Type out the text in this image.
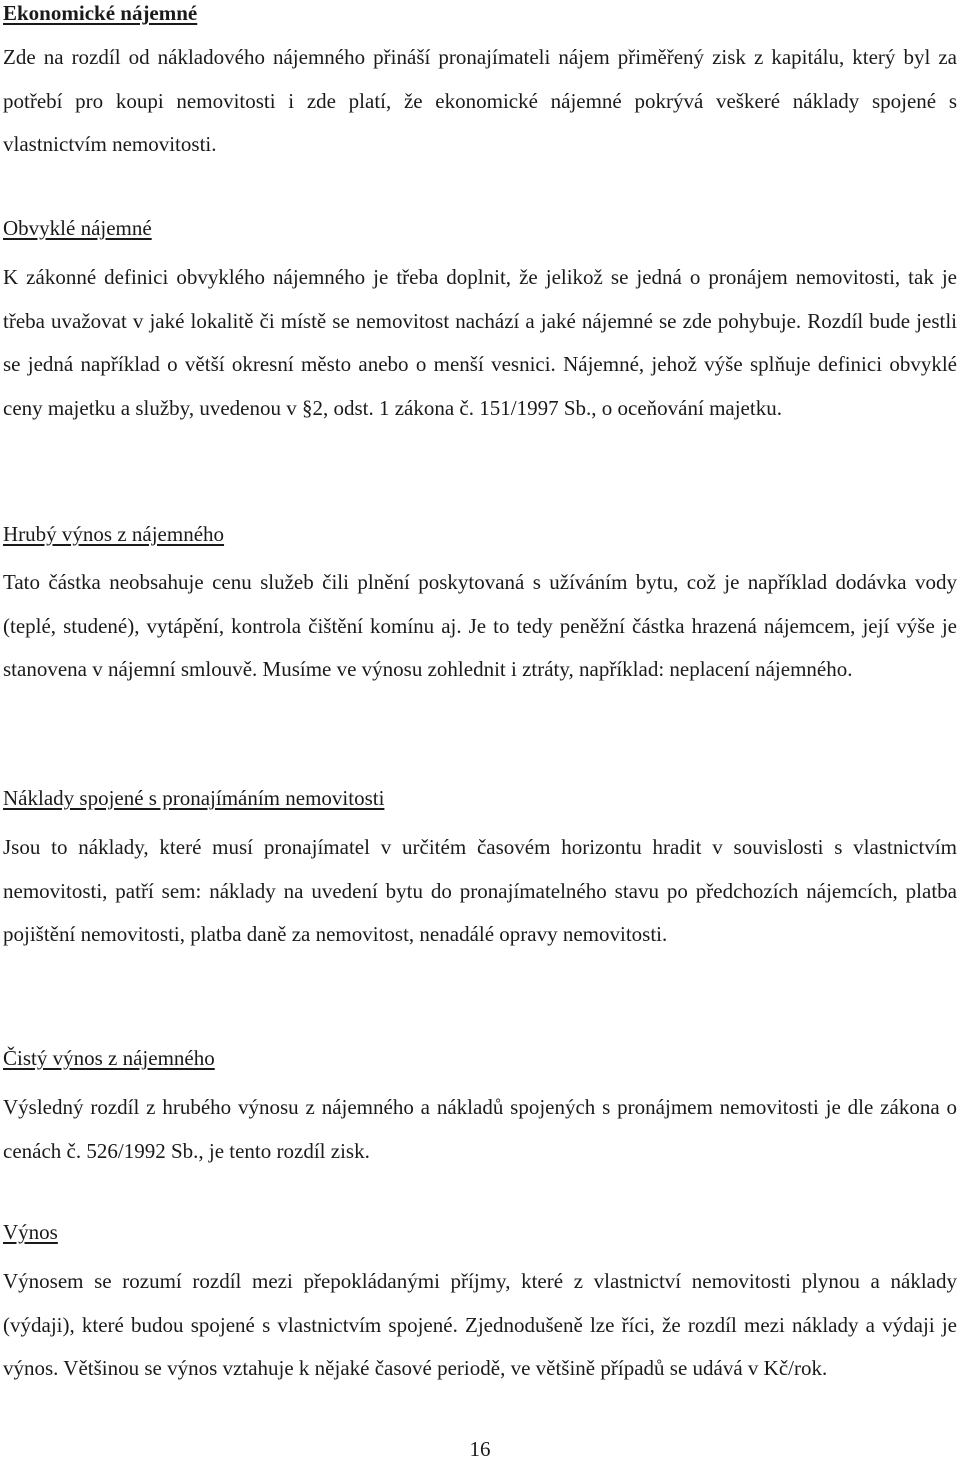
Ekonomické nájemné

Zde na rozdíl od nákladového nájemného přináší pronajímateli nájem přiměřený zisk z kapitálu, který byl za potřebí pro koupi nemovitosti i zde platí, že ekonomické nájemné pokrývá veškeré náklady spojené s vlastnictvím nemovitosti.

Obvyklé nájemné

K zákonné definici obvyklého nájemného je třeba doplnit, že jelikož se jedná o pronájem nemovitosti, tak je třeba uvažovat v jaké lokalitě či místě se nemovitost nachází a jaké nájemné se zde pohybuje. Rozdíl bude jestli se jedná například o větší okresní město anebo o menší vesnici. Nájemné, jehož výše splňuje definici obvyklé ceny majetku a služby, uvedenou v §2, odst. 1 zákona č. 151/1997 Sb., o oceňování majetku.

Hrubý výnos z nájemného

Tato částka neobsahuje cenu služeb čili plnění poskytovaná s užíváním bytu, což je například dodávka vody (teplé, studené), vytápění, kontrola čištění komínu aj. Je to tedy peněžní částka hrazená nájemcem, její výše je stanovena v nájemní smlouvě. Musíme ve výnosu zohlednit i ztráty, například: neplacení nájemného.

Náklady spojené s pronajímáním nemovitosti

Jsou to náklady, které musí pronajímatel v určitém časovém horizontu hradit v souvislosti s vlastnictvím nemovitosti, patří sem: náklady na uvedení bytu do pronajímatelného stavu po předchozích nájemcích, platba pojištění nemovitosti, platba daně za nemovitost, nenadálé opravy nemovitosti.

Čistý výnos z nájemného

Výsledný rozdíl z hrubého výnosu z nájemného a nákladů spojených s pronájmem nemovitosti je dle zákona o cenách č. 526/1992 Sb., je tento rozdíl zisk.

Výnos

Výnosem se rozumí rozdíl mezi přepokládanými příjmy, které z vlastnictví nemovitosti plynou a náklady (výdaji), které budou spojené s vlastnictvím spojené. Zjednodušeně lze říci, že rozdíl mezi náklady a výdaji je výnos. Většinou se výnos vztahuje k nějaké časové periodě, ve většině případů se udává v Kč/rok.

16
